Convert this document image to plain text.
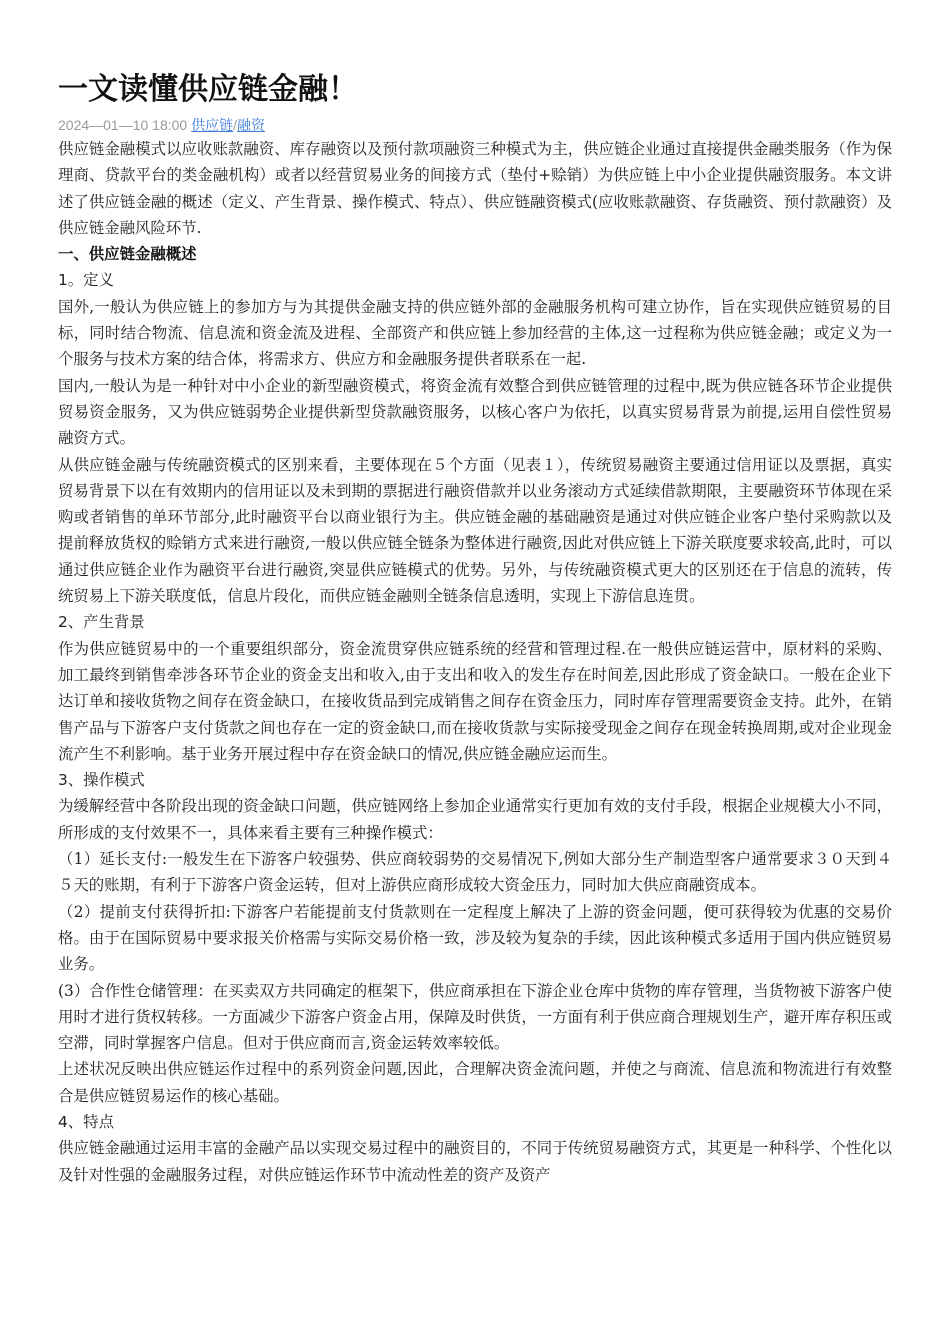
一文读懂供应链金融！
2024—01—10 18:00 供应链/融资

供应链金融模式以应收账款融资、库存融资以及预付款项融资三种模式为主，供应链企业通过直接提供金融类服务（作为保理商、贷款平台的类金融机构）或者以经营贸易业务的间接方式（垫付+赊销）为供应链上中小企业提供融资服务。本文讲述了供应链金融的概述（定义、产生背景、操作模式、特点）、供应链融资模式(应收账款融资、存货融资、预付款融资）及供应链金融风险环节.

一、供应链金融概述
1。定义

国外,一般认为供应链上的参加方与为其提供金融支持的供应链外部的金融服务机构可建立协作，旨在实现供应链贸易的目标，同时结合物流、信息流和资金流及进程、全部资产和供应链上参加经营的主体,这一过程称为供应链金融；或定义为一个服务与技术方案的结合体，将需求方、供应方和金融服务提供者联系在一起.

国内,一般认为是一种针对中小企业的新型融资模式，将资金流有效整合到供应链管理的过程中,既为供应链各环节企业提供贸易资金服务，又为供应链弱势企业提供新型贷款融资服务，以核心客户为依托，以真实贸易背景为前提,运用自偿性贸易融资方式。

从供应链金融与传统融资模式的区别来看，主要体现在５个方面（见表１），传统贸易融资主要通过信用证以及票据，真实贸易背景下以在有效期内的信用证以及未到期的票据进行融资借款并以业务滚动方式延续借款期限，主要融资环节体现在采购或者销售的单环节部分,此时融资平台以商业银行为主。供应链金融的基础融资是通过对供应链企业客户垫付采购款以及提前释放货权的赊销方式来进行融资,一般以供应链全链条为整体进行融资,因此对供应链上下游关联度要求较高,此时，可以通过供应链企业作为融资平台进行融资,突显供应链模式的优势。另外，与传统融资模式更大的区别还在于信息的流转，传统贸易上下游关联度低，信息片段化，而供应链金融则全链条信息透明，实现上下游信息连贯。

2、产生背景

作为供应链贸易中的一个重要组织部分，资金流贯穿供应链系统的经营和管理过程.在一般供应链运营中，原材料的采购、加工最终到销售牵涉各环节企业的资金支出和收入,由于支出和收入的发生存在时间差,因此形成了资金缺口。一般在企业下达订单和接收货物之间存在资金缺口，在接收货品到完成销售之间存在资金压力，同时库存管理需要资金支持。此外，在销售产品与下游客户支付货款之间也存在一定的资金缺口,而在接收货款与实际接受现金之间存在现金转换周期,或对企业现金流产生不利影响。基于业务开展过程中存在资金缺口的情况,供应链金融应运而生。

3、操作模式

为缓解经营中各阶段出现的资金缺口问题，供应链网络上参加企业通常实行更加有效的支付手段，根据企业规模大小不同，所形成的支付效果不一，具体来看主要有三种操作模式：

（1）延长支付:一般发生在下游客户较强势、供应商较弱势的交易情况下,例如大部分生产制造型客户通常要求３０天到４５天的账期，有利于下游客户资金运转，但对上游供应商形成较大资金压力，同时加大供应商融资成本。

（2）提前支付获得折扣:下游客户若能提前支付货款则在一定程度上解决了上游的资金问题，便可获得较为优惠的交易价格。由于在国际贸易中要求报关价格需与实际交易价格一致，涉及较为复杂的手续，因此该种模式多适用于国内供应链贸易业务。

(3）合作性仓储管理：在买卖双方共同确定的框架下，供应商承担在下游企业仓库中货物的库存管理，当货物被下游客户使用时才进行货权转移。一方面减少下游客户资金占用，保障及时供货，一方面有利于供应商合理规划生产，避开库存积压或空滞，同时掌握客户信息。但对于供应商而言,资金运转效率较低。

上述状况反映出供应链运作过程中的系列资金问题,因此，合理解决资金流问题，并使之与商流、信息流和物流进行有效整合是供应链贸易运作的核心基础。

4、特点

供应链金融通过运用丰富的金融产品以实现交易过程中的融资目的，不同于传统贸易融资方式，其更是一种科学、个性化以及针对性强的金融服务过程，对供应链运作环节中流动性差的资产及资产
